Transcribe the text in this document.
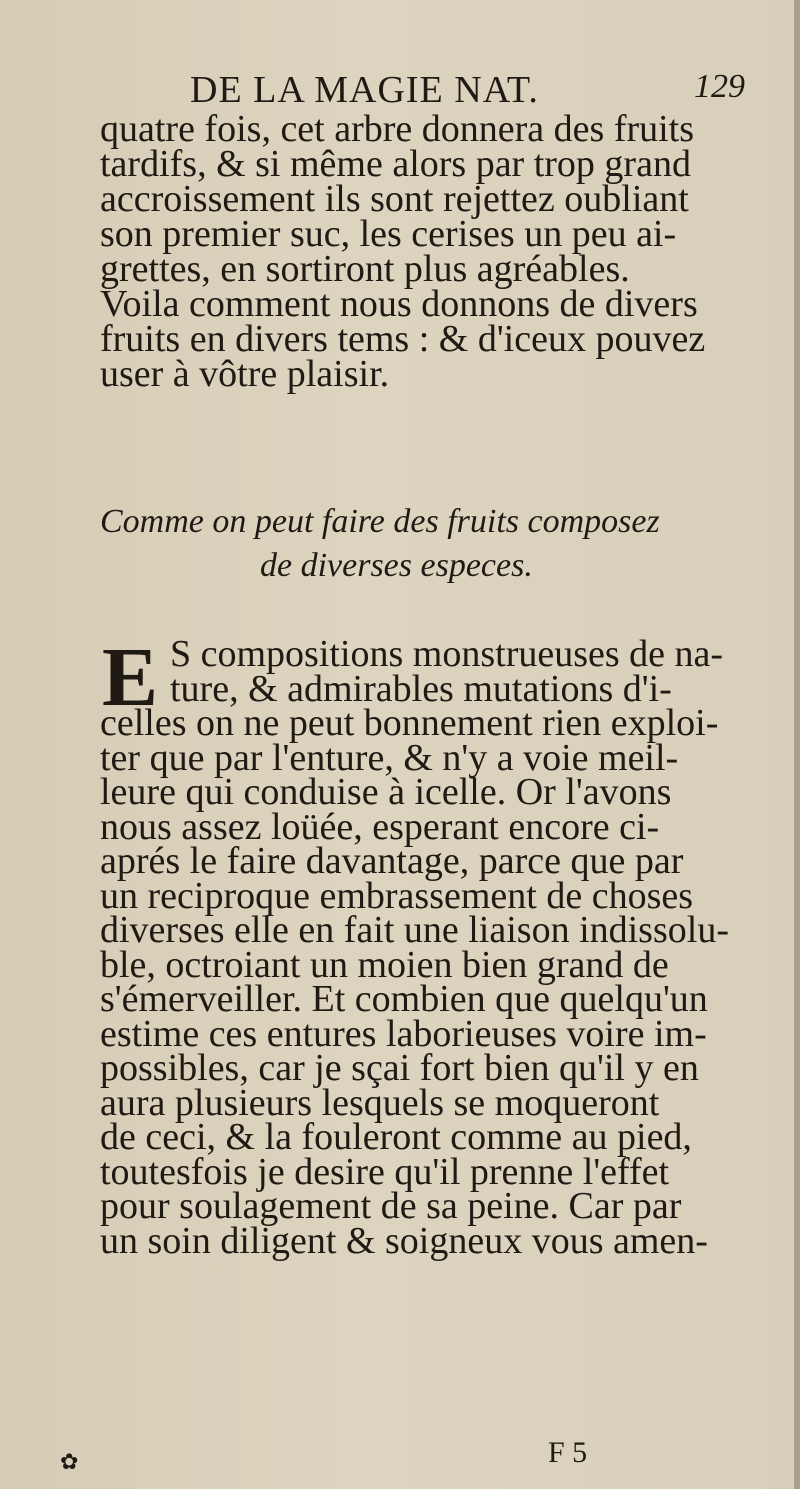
DE LA MAGIE NAT.	129
quatre fois, cet arbre donnera des fruits
tardifs, & si même alors par trop grand
accroissement ils sont rejettez oubliant
son premier suc, les cerises un peu ai-
grettes, en sortiront plus agréables.
Voila comment nous donnons de divers
fruits en divers tems : & d'iceux pouvez
user à vôtre plaisir.
Comme on peut faire des fruits composez
de diverses especes.
E S compositions monstrueuses de na-
ture, & admirables mutations d'i-
celles on ne peut bonnement rien exploi-
ter que par l'enture, & n'y a voie meil-
leure qui conduise à icelle. Or l'avons
nous assez loüée, esperant encore ci-
aprés le faire davantage, parce que par
un reciproque embrassement de choses
diverses elle en fait une liaison indissolu-
ble, octroiant un moien bien grand de
s'émerveiller. Et combien que quelqu'un
estime ces entures laborieuses voire im-
possibles, car je sçai fort bien qu'il y en
aura plusieurs lesquels se moqueront
de ceci, & la fouleront comme au pied,
toutesfois je desire qu'il prenne l'effet
pour soulagement de sa peine. Car par
un soin diligent & soigneux vous amen-
✿	F 5
